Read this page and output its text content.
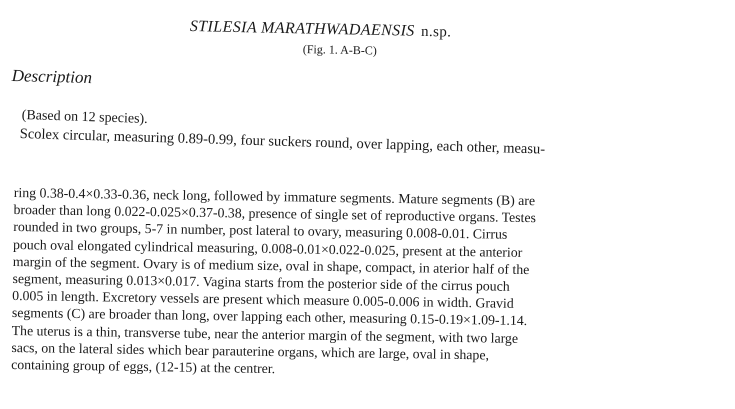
STILESIA MARATHWADAENSIS n.sp.
(Fig. 1. A-B-C)
Description
(Based on 12 species).
Scolex circular, measuring 0.89-0.99, four suckers round, over lapping, each other, measu-
ring 0.38-0.4×0.33-0.36, neck long, followed by immature segments. Mature segments (B) are
broader than long 0.022-0.025×0.37-0.38, presence of single set of reproductive organs. Testes
rounded in two groups, 5-7 in number, post lateral to ovary, measuring 0.008-0.01. Cirrus
pouch oval elongated cylindrical measuring, 0.008-0.01×0.022-0.025, present at the anterior
margin of the segment. Ovary is of medium size, oval in shape, compact, in aterior half of the
segment, measuring 0.013×0.017. Vagina starts from the posterior side of the cirrus pouch
0.005 in length. Excretory vessels are present which measure 0.005-0.006 in width. Gravid
segments (C) are broader than long, over lapping each other, measuring 0.15-0.19×1.09-1.14.
The uterus is a thin, transverse tube, near the anterior margin of the segment, with two large
sacs, on the lateral sides which bear parauterine organs, which are large, oval in shape,
containing group of eggs, (12-15) at the centrer.
